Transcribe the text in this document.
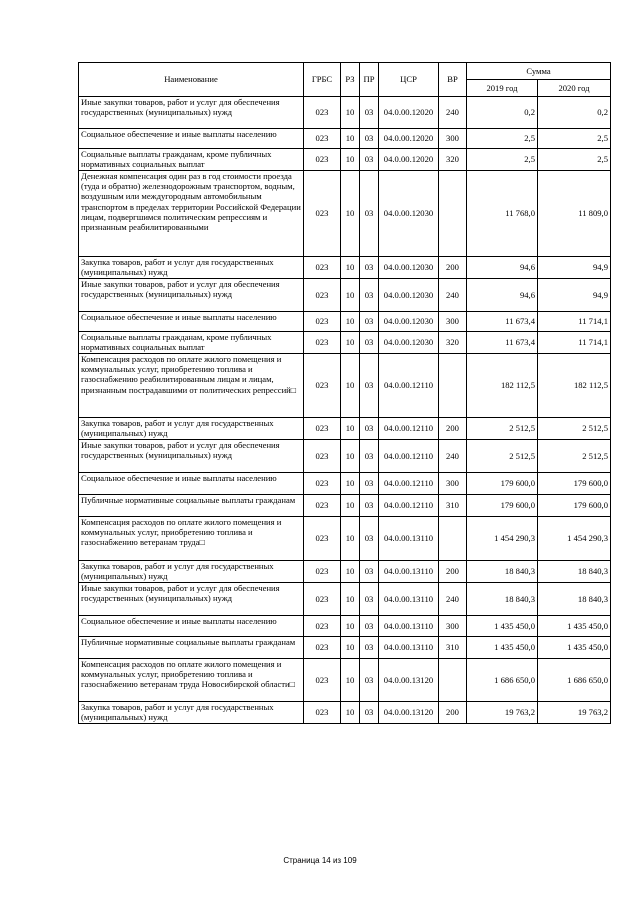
Наименование	ГРБС	РЗ	ПР	ЦСР	ВР	Сумма	
						2019 год	2020 год
Иные закупки товаров, работ и услуг для обеспечения государственных (муниципальных) нужд	023	10	03	04.0.00.12020	240	0,2	0,2
Социальное обеспечение и иные выплаты населению	023	10	03	04.0.00.12020	300	2,5	2,5
Социальные выплаты гражданам, кроме публичных нормативных социальных выплат	023	10	03	04.0.00.12020	320	2,5	2,5
Денежная компенсация один раз в год стоимости проезда (туда и обратно) железнодорожным транспортом, водным, воздушным или междугородным автомобильным транспортом в пределах территории Российской Федерации лицам, подвергшимся политическим репрессиям и признанным реабилитированными	023	10	03	04.0.00.12030		11 768,0	11 809,0
Закупка товаров, работ и услуг для государственных (муниципальных) нужд	023	10	03	04.0.00.12030	200	94,6	94,9
Иные закупки товаров, работ и услуг для обеспечения государственных (муниципальных) нужд	023	10	03	04.0.00.12030	240	94,6	94,9
Социальное обеспечение и иные выплаты населению	023	10	03	04.0.00.12030	300	11 673,4	11 714,1
Социальные выплаты гражданам, кроме публичных нормативных социальных выплат	023	10	03	04.0.00.12030	320	11 673,4	11 714,1
Компенсация расходов по оплате жилого помещения и коммунальных услуг, приобретению топлива и газоснабжению реабилитированным лицам и лицам, признанным пострадавшими от политических репрессий□	023	10	03	04.0.00.12110		182 112,5	182 112,5
Закупка товаров, работ и услуг для государственных (муниципальных) нужд	023	10	03	04.0.00.12110	200	2 512,5	2 512,5
Иные закупки товаров, работ и услуг для обеспечения государственных (муниципальных) нужд	023	10	03	04.0.00.12110	240	2 512,5	2 512,5
Социальное обеспечение и иные выплаты населению	023	10	03	04.0.00.12110	300	179 600,0	179 600,0
Публичные нормативные социальные выплаты гражданам	023	10	03	04.0.00.12110	310	179 600,0	179 600,0
Компенсация расходов по оплате жилого помещения и коммунальных услуг, приобретению топлива и газоснабжению ветеранам труда□	023	10	03	04.0.00.13110		1 454 290,3	1 454 290,3
Закупка товаров, работ и услуг для государственных (муниципальных) нужд	023	10	03	04.0.00.13110	200	18 840,3	18 840,3
Иные закупки товаров, работ и услуг для обеспечения государственных (муниципальных) нужд	023	10	03	04.0.00.13110	240	18 840,3	18 840,3
Социальное обеспечение и иные выплаты населению	023	10	03	04.0.00.13110	300	1 435 450,0	1 435 450,0
Публичные нормативные социальные выплаты гражданам	023	10	03	04.0.00.13110	310	1 435 450,0	1 435 450,0
Компенсация расходов по оплате жилого помещения и коммунальных услуг, приобретению топлива и газоснабжению ветеранам труда Новосибирской области□	023	10	03	04.0.00.13120		1 686 650,0	1 686 650,0
Закупка товаров, работ и услуг для государственных (муниципальных) нужд	023	10	03	04.0.00.13120	200	19 763,2	19 763,2
Страница 14 из 109
